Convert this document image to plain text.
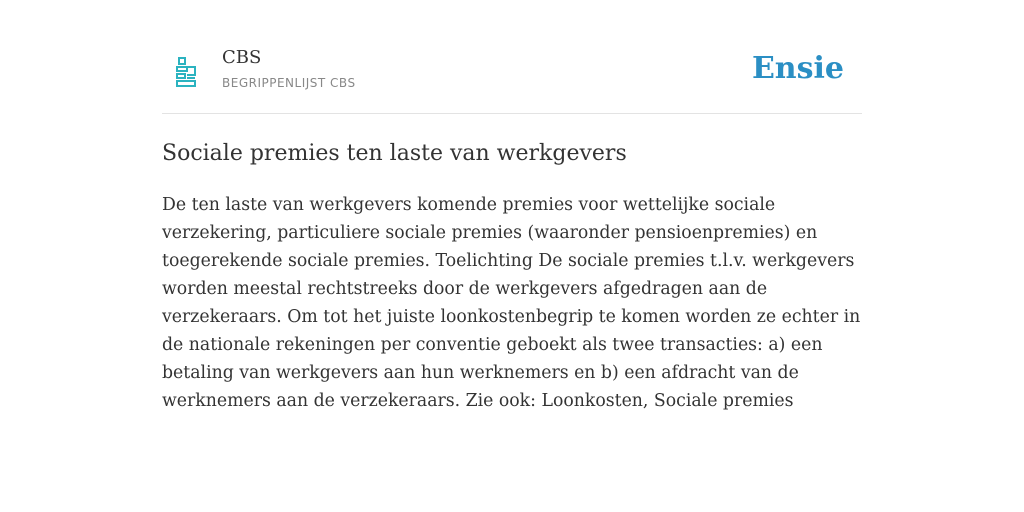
CBS
BEGRIPPENLIJST CBS	Ensie
Sociale premies ten laste van werkgevers

De ten laste van werkgevers komende premies voor wettelijke sociale verzekering, particuliere sociale premies (waaronder pensioenpremies) en toegerekende sociale premies. Toelichting De sociale premies t.l.v. werkgevers worden meestal rechtstreeks door de werkgevers afgedragen aan de verzekeraars. Om tot het juiste loonkostenbegrip te komen worden ze echter in de nationale rekeningen per conventie geboekt als twee transacties: a) een betaling van werkgevers aan hun werknemers en b) een afdracht van de werknemers aan de verzekeraars. Zie ook: Loonkosten, Sociale premies
